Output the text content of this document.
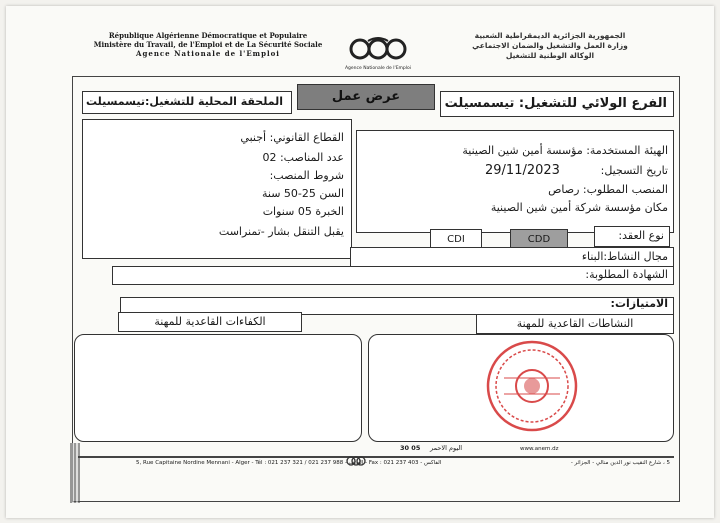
République Algérienne Démocratique et Populaire
Ministère du Travail, de l'Emploi et de La Sécurité Sociale
Agence Nationale de l'Emploi
Agence Nationale de l'Emploi
الجمهورية الجزائرية الديمقراطية الشعبية
وزارة العمل والتشغيل والضمان الاجتماعي
الوكالة الوطنية للتشغيل
الملحقة المحلية للتشغيل:تيسمسيلت	عرض عمل	الفرع الولائي للتشغيل: تيسمسيلت
القطاع القانوني: أجنبي
عدد المناصب: 02
شروط المنصب:
السن 25-50 سنة
الخبرة 05 سنوات
يقبل التنقل بشار -تمنراست
الهيئة المستخدمة: مؤسسة أمين شين الصينية
تاريخ التسجيل:
29/11/2023
المنصب المطلوب: رصاص
مكان مؤسسة شركة أمين شين الصينية
نوع العقد:
CDI	CDD
مجال النشاط:البناء
الشهادة المطلوبة:
الامتيازات:
النشاطات القاعدية للمهنة
الكفاءات القاعدية للمهنة
30 05 اليوم الاحمر	www.anem.dz
5, Rue Capitaine Nordine Mennani - Alger - Tél : 021 237 321 / 021 237 988 - الهاتف - Fax : 021 237 403 - الفاكس	5 ، شارع النقيب نور الدين منالي - الجزائر -
